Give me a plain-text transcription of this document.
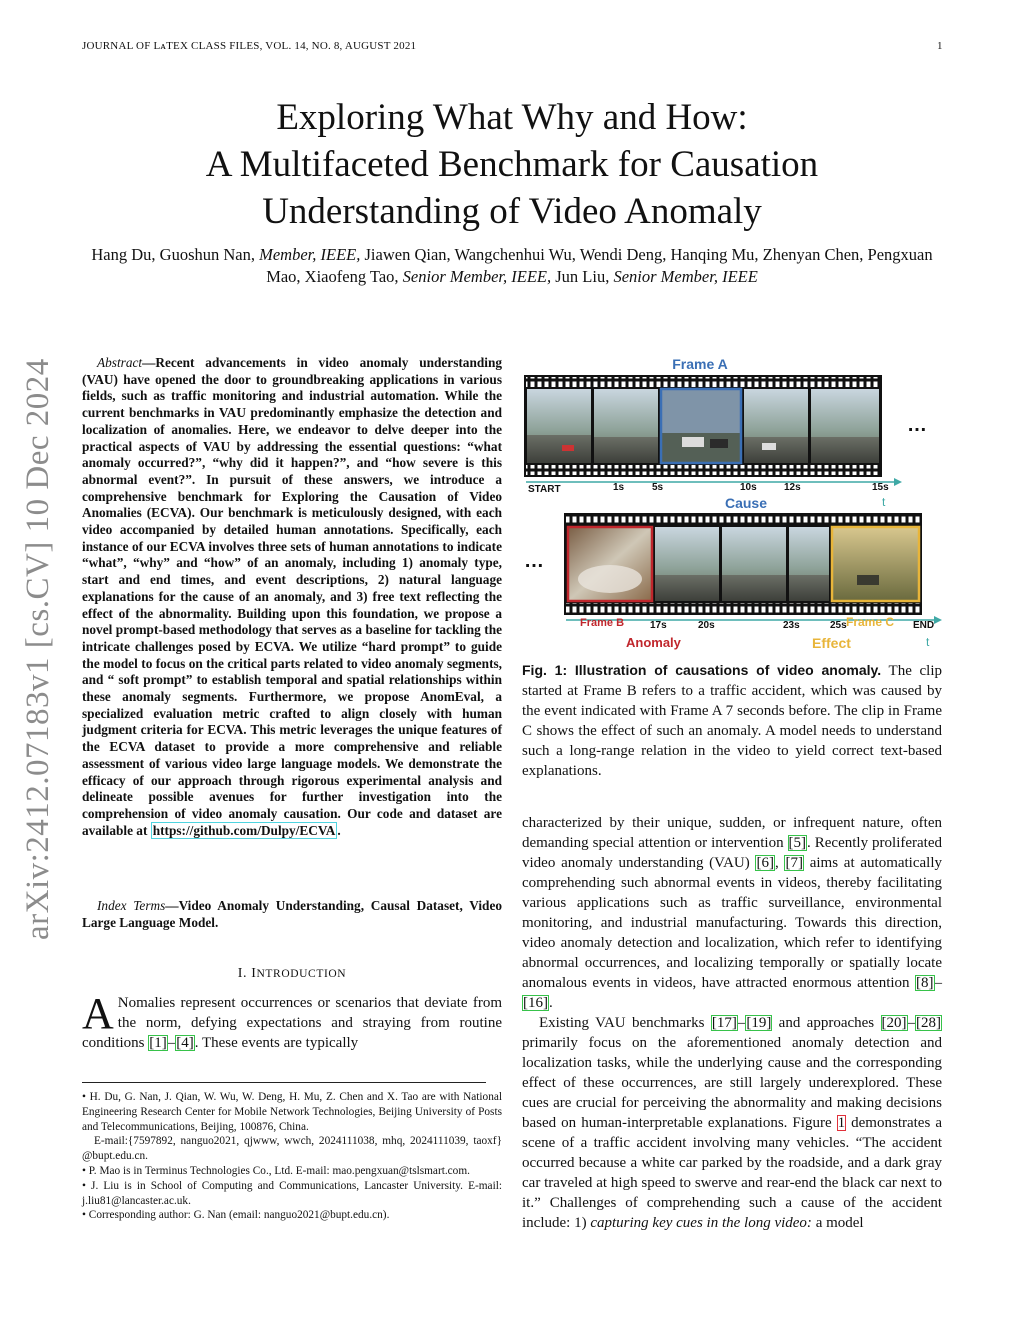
JOURNAL OF LᴀTEX CLASS FILES, VOL. 14, NO. 8, AUGUST 2021	1
Exploring What Why and How:
A Multifaceted Benchmark for Causation
Understanding of Video Anomaly
Hang Du, Guoshun Nan, Member, IEEE, Jiawen Qian, Wangchenhui Wu, Wendi Deng, Hanqing Mu, Zhenyan Chen, Pengxuan Mao, Xiaofeng Tao, Senior Member, IEEE, Jun Liu, Senior Member, IEEE
arXiv:2412.07183v1 [cs.CV] 10 Dec 2024	Abstract—Recent advancements in video anomaly understanding (VAU) have opened the door to groundbreaking applications in various fields, such as traffic monitoring and industrial automation. While the current benchmarks in VAU predominantly emphasize the detection and localization of anomalies. Here, we endeavor to delve deeper into the practical aspects of VAU by addressing the essential questions: “what anomaly occurred?”, “why did it happen?”, and “how severe is this abnormal event?”. In pursuit of these answers, we introduce a comprehensive benchmark for Exploring the Causation of Video Anomalies (ECVA). Our benchmark is meticulously designed, with each video accompanied by detailed human annotations. Specifically, each instance of our ECVA involves three sets of human annotations to indicate “what”, “why” and “how” of an anomaly, including 1) anomaly type, start and end times, and event descriptions, 2) natural language explanations for the cause of an anomaly, and 3) free text reflecting the effect of the abnormality. Building upon this foundation, we propose a novel prompt-based methodology that serves as a baseline for tackling the intricate challenges posed by ECVA. We utilize “hard prompt” to guide the model to focus on the critical parts related to video anomaly segments, and “ soft prompt” to establish temporal and spatial relationships within these anomaly segments. Furthermore, we propose AnomEval, a specialized evaluation metric crafted to align closely with human judgment criteria for ECVA. This metric leverages the unique features of the ECVA dataset to provide a more comprehensive and reliable assessment of various video large language models. We demonstrate the efficacy of our approach through rigorous experimental analysis and delineate possible avenues for further investigation into the comprehension of video anomaly causation. Our code and dataset are available at https://github.com/Dulpy/ECVA .
Index Terms—Video Anomaly Understanding, Causal Dataset, Video Large Language Model.
I. INTRODUCTION
A Nomalies represent occurrences or scenarios that deviate from the norm, defying expectations and straying from routine conditions [1]–[4]. These events are typically

• H. Du, G. Nan, J. Qian, W. Wu, W. Deng, H. Mu, Z. Chen and X. Tao are with National Engineering Research Center for Mobile Network Technologies, Beijing University of Posts and Telecommunications, Beijing, 100876, China.

E-mail:{7597892, nanguo2021, qjwww, wwch, 2024111038, mhq, 2024111039, taoxf} @bupt.edu.cn.

• P. Mao is in Terminus Technologies Co., Ltd. E-mail: mao.pengxuan@tslsmart.com.

• J. Liu is in School of Computing and Communications, Lancaster University. E-mail: j.liu81@lancaster.ac.uk.

• Corresponding author: G. Nan (email: nanguo2021@bupt.edu.cn).

Frame A
…
START	1s	5s	10s	12s	15s
t
Cause
…
Frame B	17s	20s	23s	25s Frame C END
Anomaly	Effect	t
Fig. 1: Illustration of causations of video anomaly. The clip started at Frame B refers to a traffic accident, which was caused by the event indicated with Frame A 7 seconds before. The clip in Frame C shows the effect of such an anomaly. A model needs to understand such a long-range relation in the video to yield correct text-based explanations.

characterized by their unique, sudden, or infrequent nature, often demanding special attention or intervention [5]. Recently proliferated video anomaly understanding (VAU) [6], [7] aims at automatically comprehending such abnormal events in videos, thereby facilitating various applications such as traffic surveillance, environmental monitoring, and industrial manufacturing. Towards this direction, video anomaly detection and localization, which refer to identifying abnormal occurrences, and localizing temporally or spatially locate anomalous events in videos, have attracted enormous attention [8]–[16].

Existing VAU benchmarks [17]–[19] and approaches [20]–[28] primarily focus on the aforementioned anomaly detection and localization tasks, while the underlying cause and the corresponding effect of these occurrences, are still largely underexplored. These cues are crucial for perceiving the abnormality and making decisions based on human-interpretable explanations. Figure 1 demonstrates a scene of a traffic accident involving many vehicles. “The accident occurred because a white car parked by the roadside, and a dark gray car traveled at high speed to swerve and rear-end the black car next to it.” Challenges of comprehending such a cause of the accident include: 1) capturing key cues in the long video: a model
